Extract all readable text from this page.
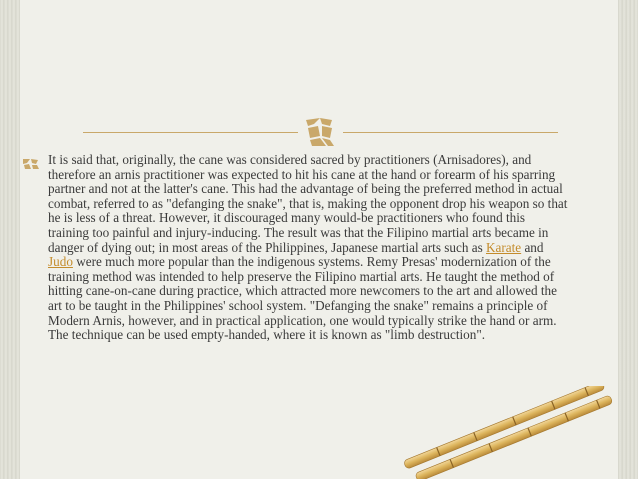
It is said that, originally, the cane was considered sacred by practitioners (Arnisadores), and therefore an arnis practitioner was expected to hit his cane at the hand or forearm of his sparring partner and not at the latter's cane. This had the advantage of being the preferred method in actual combat, referred to as "defanging the snake", that is, making the opponent drop his weapon so that he is less of a threat. However, it discouraged many would-be practitioners who found this training too painful and injury-inducing. The result was that the Filipino martial arts became in danger of dying out; in most areas of the Philippines, Japanese martial arts such as Karate and Judo were much more popular than the indigenous systems. Remy Presas' modernization of the training method was intended to help preserve the Filipino martial arts. He taught the method of hitting cane-on-cane during practice, which attracted more newcomers to the art and allowed the art to be taught in the Philippines' school system. "Defanging the snake" remains a principle of Modern Arnis, however, and in practical application, one would typically strike the hand or arm. The technique can be used empty-handed, where it is known as "limb destruction".
